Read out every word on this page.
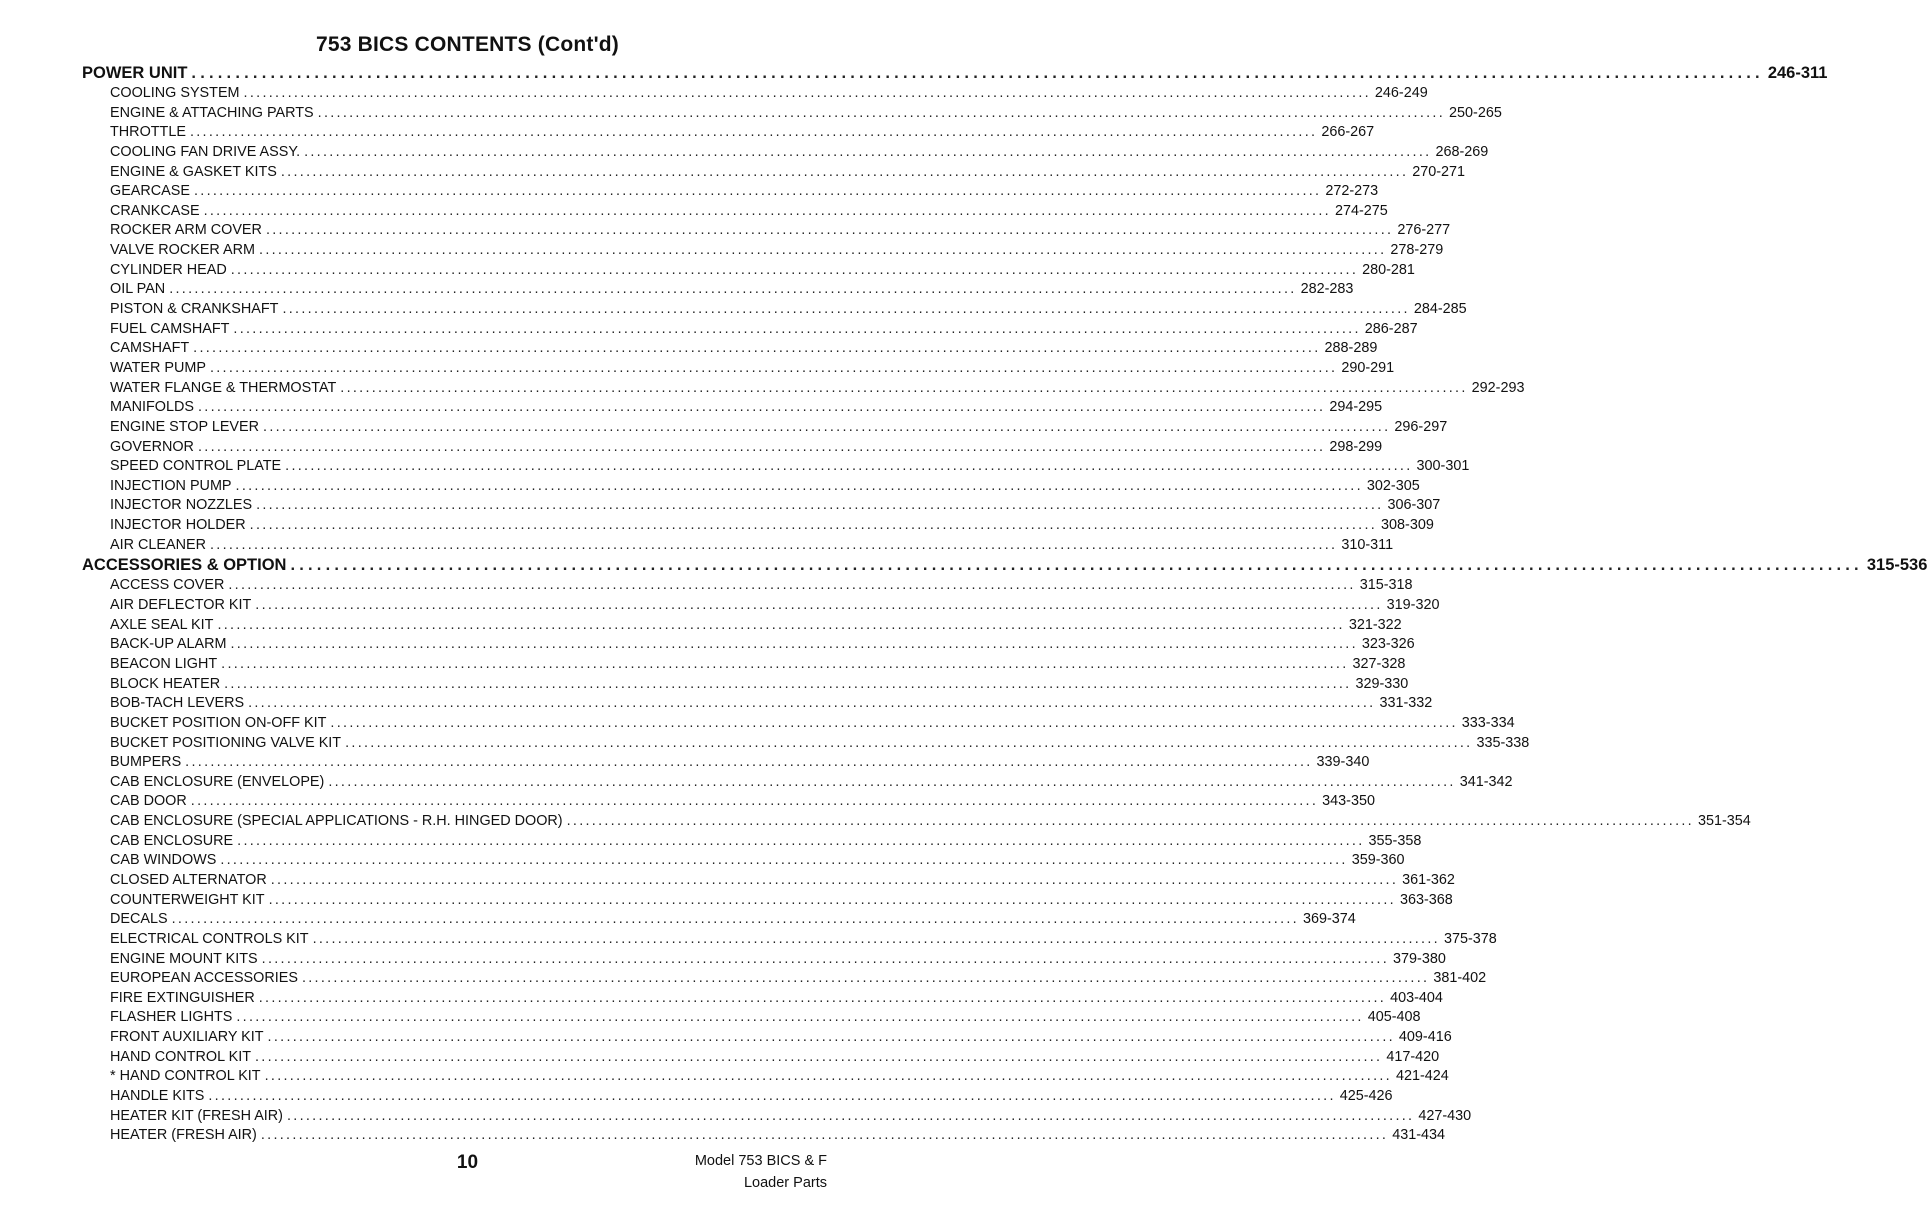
753 BICS CONTENTS (Cont'd)
POWER UNIT ................................................................................................................................................................................... 246-311
COOLING SYSTEM ................................................................................................................................................................................... 246-249
ENGINE & ATTACHING PARTS ................................................................................................................................................................................... 250-265
THROTTLE ................................................................................................................................................................................... 266-267
COOLING FAN DRIVE ASSY. ................................................................................................................................................................................... 268-269
ENGINE & GASKET KITS ................................................................................................................................................................................... 270-271
GEARCASE ................................................................................................................................................................................... 272-273
CRANKCASE ................................................................................................................................................................................... 274-275
ROCKER ARM COVER ................................................................................................................................................................................... 276-277
VALVE ROCKER ARM ................................................................................................................................................................................... 278-279
CYLINDER HEAD ................................................................................................................................................................................... 280-281
OIL PAN ................................................................................................................................................................................... 282-283
PISTON & CRANKSHAFT ................................................................................................................................................................................... 284-285
FUEL CAMSHAFT ................................................................................................................................................................................... 286-287
CAMSHAFT ................................................................................................................................................................................... 288-289
WATER PUMP ................................................................................................................................................................................... 290-291
WATER FLANGE & THERMOSTAT ................................................................................................................................................................................... 292-293
MANIFOLDS ................................................................................................................................................................................... 294-295
ENGINE STOP LEVER ................................................................................................................................................................................... 296-297
GOVERNOR ................................................................................................................................................................................... 298-299
SPEED CONTROL PLATE ................................................................................................................................................................................... 300-301
INJECTION PUMP ................................................................................................................................................................................... 302-305
INJECTOR NOZZLES ................................................................................................................................................................................... 306-307
INJECTOR HOLDER ................................................................................................................................................................................... 308-309
AIR CLEANER ................................................................................................................................................................................... 310-311
ACCESSORIES & OPTION ................................................................................................................................................................................... 315-536
ACCESS COVER ................................................................................................................................................................................... 315-318
AIR DEFLECTOR KIT ................................................................................................................................................................................... 319-320
AXLE SEAL KIT ................................................................................................................................................................................... 321-322
BACK-UP ALARM ................................................................................................................................................................................... 323-326
BEACON LIGHT ................................................................................................................................................................................... 327-328
BLOCK HEATER ................................................................................................................................................................................... 329-330
BOB-TACH LEVERS ................................................................................................................................................................................... 331-332
BUCKET POSITION ON-OFF KIT ................................................................................................................................................................................... 333-334
BUCKET POSITIONING VALVE KIT ................................................................................................................................................................................... 335-338
BUMPERS ................................................................................................................................................................................... 339-340
CAB ENCLOSURE (ENVELOPE) ................................................................................................................................................................................... 341-342
CAB DOOR ................................................................................................................................................................................... 343-350
CAB ENCLOSURE (SPECIAL APPLICATIONS - R.H. HINGED DOOR) ................................................................................................................................................................................... 351-354
CAB ENCLOSURE ................................................................................................................................................................................... 355-358
CAB WINDOWS ................................................................................................................................................................................... 359-360
CLOSED ALTERNATOR ................................................................................................................................................................................... 361-362
COUNTERWEIGHT KIT ................................................................................................................................................................................... 363-368
DECALS ................................................................................................................................................................................... 369-374
ELECTRICAL CONTROLS KIT ................................................................................................................................................................................... 375-378
ENGINE MOUNT KITS ................................................................................................................................................................................... 379-380
EUROPEAN ACCESSORIES ................................................................................................................................................................................... 381-402
FIRE EXTINGUISHER ................................................................................................................................................................................... 403-404
FLASHER LIGHTS ................................................................................................................................................................................... 405-408
FRONT AUXILIARY KIT ................................................................................................................................................................................... 409-416
HAND CONTROL KIT ................................................................................................................................................................................... 417-420
* HAND CONTROL KIT ................................................................................................................................................................................... 421-424
HANDLE KITS ................................................................................................................................................................................... 425-426
HEATER KIT (FRESH AIR) ................................................................................................................................................................................... 427-430
HEATER (FRESH AIR) ................................................................................................................................................................................... 431-434
10	Model 753 BICS & F
Loader Parts
